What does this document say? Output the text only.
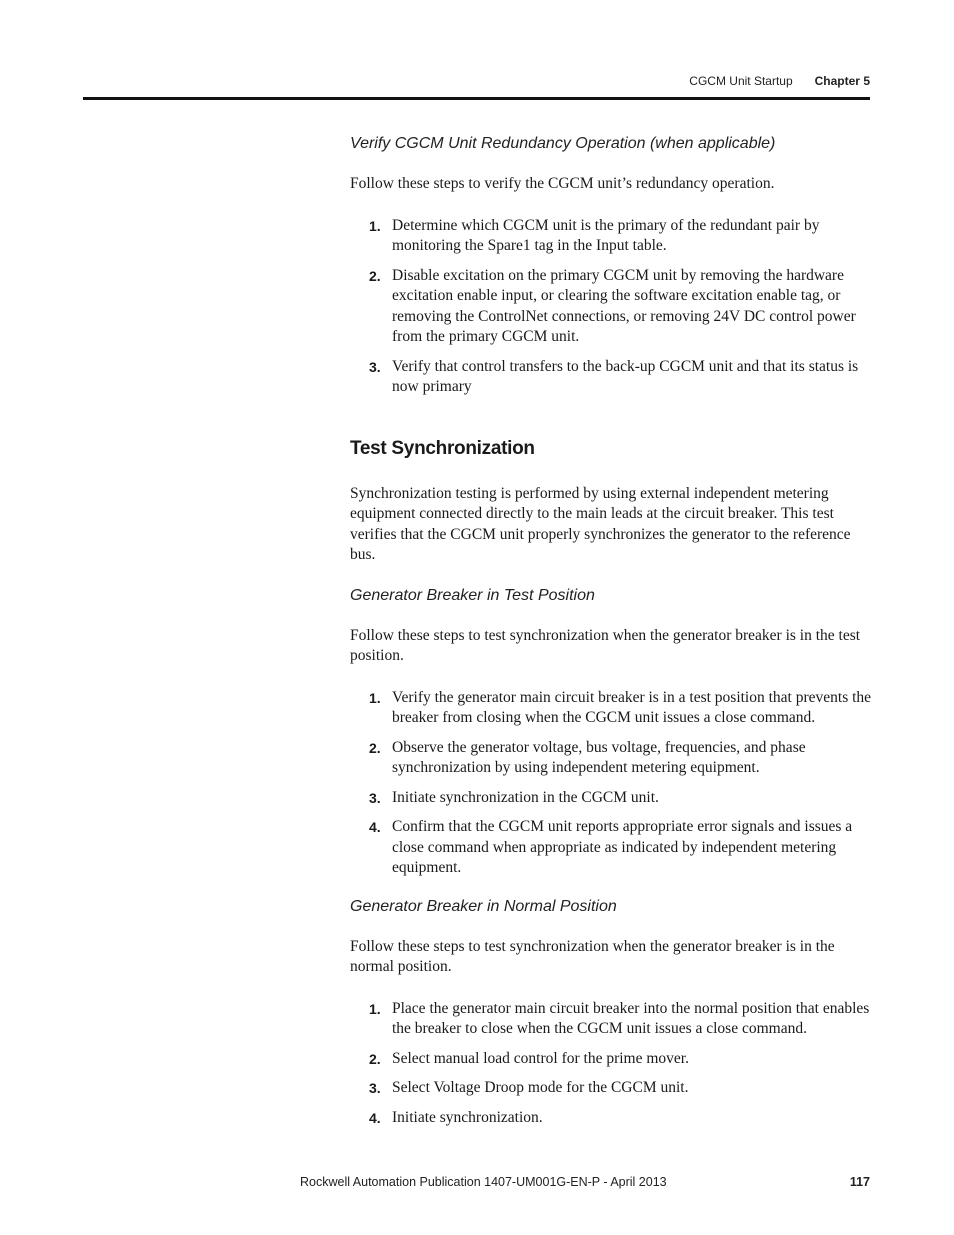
CGCM Unit Startup Chapter 5

Verify CGCM Unit Redundancy Operation (when applicable)

Follow these steps to verify the CGCM unit’s redundancy operation.

1. Determine which CGCM unit is the primary of the redundant pair by monitoring the Spare1 tag in the Input table.
2. Disable excitation on the primary CGCM unit by removing the hardware excitation enable input, or clearing the software excitation enable tag, or removing the ControlNet connections, or removing 24V DC control power from the primary CGCM unit.
3. Verify that control transfers to the back-up CGCM unit and that its status is now primary
Test Synchronization

Synchronization testing is performed by using external independent metering equipment connected directly to the main leads at the circuit breaker. This test verifies that the CGCM unit properly synchronizes the generator to the reference bus.

Generator Breaker in Test Position

Follow these steps to test synchronization when the generator breaker is in the test position.

1. Verify the generator main circuit breaker is in a test position that prevents the breaker from closing when the CGCM unit issues a close command.
2. Observe the generator voltage, bus voltage, frequencies, and phase synchronization by using independent metering equipment.
3. Initiate synchronization in the CGCM unit.
4. Confirm that the CGCM unit reports appropriate error signals and issues a close command when appropriate as indicated by independent metering equipment.

Generator Breaker in Normal Position

Follow these steps to test synchronization when the generator breaker is in the normal position.

1. Place the generator main circuit breaker into the normal position that enables the breaker to close when the CGCM unit issues a close command.
2. Select manual load control for the prime mover.
3. Select Voltage Droop mode for the CGCM unit.
4. Initiate synchronization.
Rockwell Automation Publication 1407-UM001G-EN-P - April 2013	117
